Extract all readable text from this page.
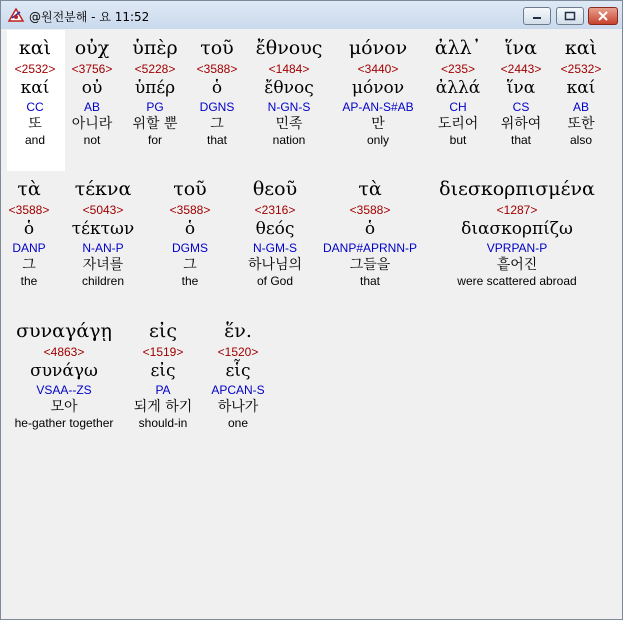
@원전분해 - 요 11:52
καὶ
<2532>
καί
CC
또
and
οὐχ
<3756>
οὐ
AB
아니라
not
ὑπὲρ
<5228>
ὑπέρ
PG
위할 뿐
for
τοῦ
<3588>
ὁ
DGNS
그
that
ἔθνους
<1484>
ἔθνος
N-GN-S
민족
nation
μόνον
<3440>
μόνον
AP-AN-S#AB
만
only
ἀλλ᾽
<235>
ἀλλά
CH
도리어
but
ἵνα
<2443>
ἵνα
CS
위하여
that
καὶ
<2532>
καί
AB
또한
also
τὰ
<3588>
ὁ
DANP
그
the
τέκνα
<5043>
τέκτων
N-AN-P
자녀를
children
τοῦ
<3588>
ὁ
DGMS
그
the
θεοῦ
<2316>
θεός
N-GM-S
하나님의
of God
τὰ
<3588>
ὁ
DANP#APRNN-P
그들을
that
διεσκορπισμένα
<1287>
διασκορπίζω
VPRPAN-P
흩어진
were scattered abroad
συναγάγῃ
<4863>
συνάγω
VSAA--ZS
모아
he-gather together
εἰς
<1519>
εἰς
PA
되게 하기
should-in
ἕν.
<1520>
εἷς
APCAN-S
하나가
one
